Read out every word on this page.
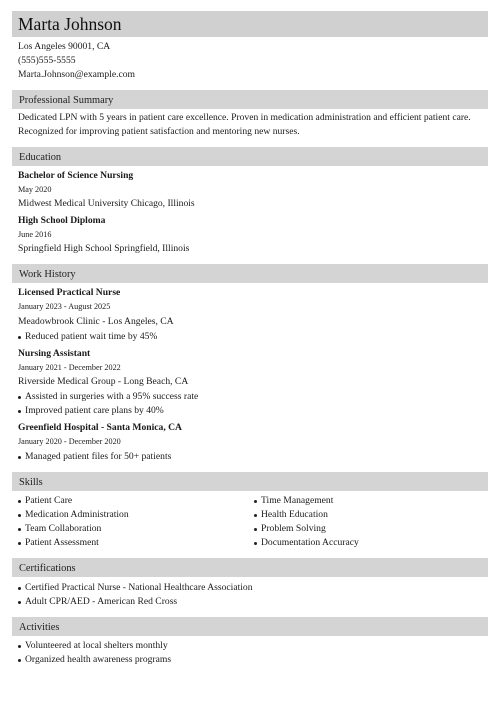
Marta Johnson
Los Angeles 90001, CA
(555)555-5555
Marta.Johnson@example.com
Professional Summary
Dedicated LPN with 5 years in patient care excellence. Proven in medication administration and efficient patient care.
Recognized for improving patient satisfaction and mentoring new nurses.
Education
Bachelor of Science Nursing
May 2020
Midwest Medical University Chicago, Illinois
High School Diploma
June 2016
Springfield High School Springfield, Illinois
Work History
Licensed Practical Nurse
January 2023 - August 2025
Meadowbrook Clinic - Los Angeles, CA
Reduced patient wait time by 45%
Nursing Assistant
January 2021 - December 2022
Riverside Medical Group - Long Beach, CA
Assisted in surgeries with a 95% success rate
Improved patient care plans by 40%
Greenfield Hospital - Santa Monica, CA
January 2020 - December 2020
Managed patient files for 50+ patients
Skills
Patient Care
Medication Administration
Team Collaboration
Patient Assessment
Time Management
Health Education
Problem Solving
Documentation Accuracy
Certifications
Certified Practical Nurse - National Healthcare Association
Adult CPR/AED - American Red Cross
Activities
Volunteered at local shelters monthly
Organized health awareness programs
